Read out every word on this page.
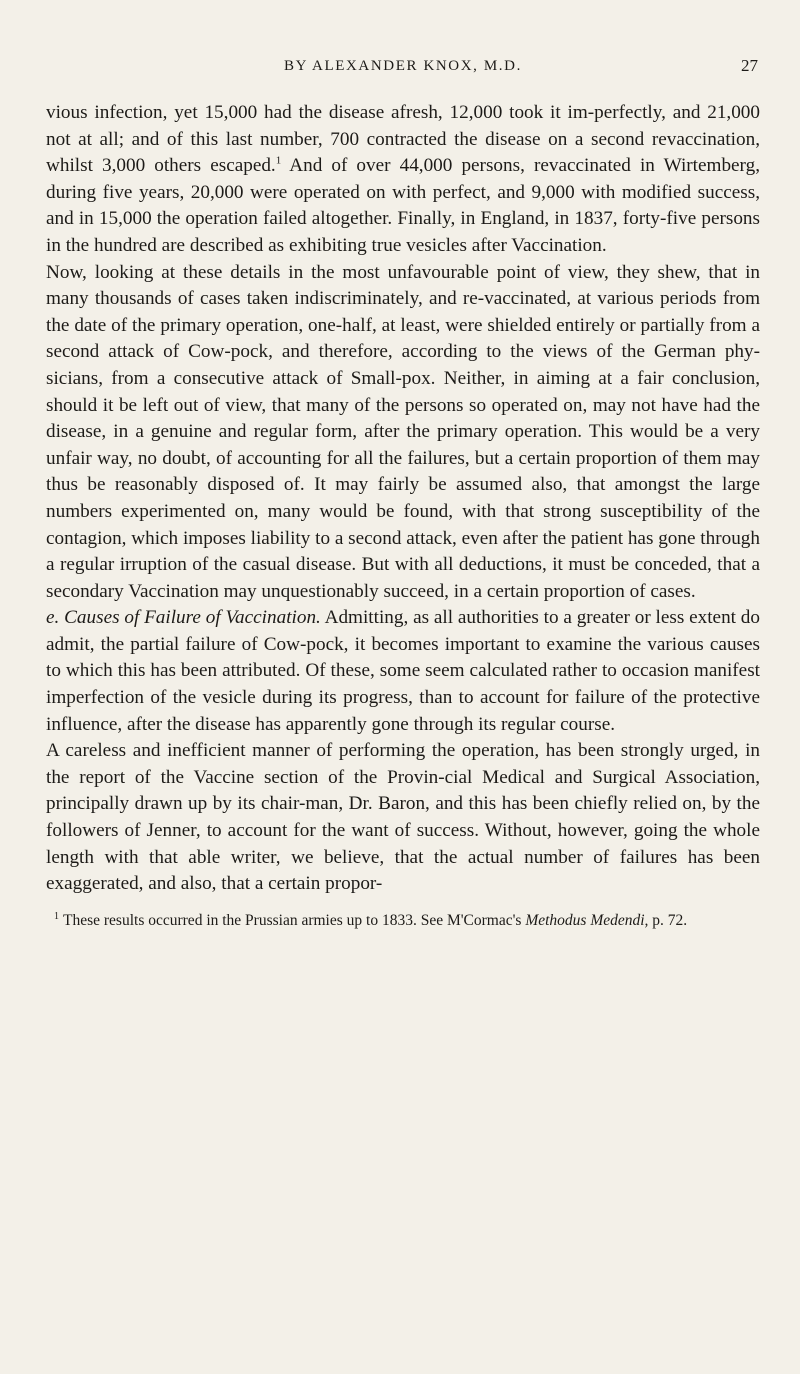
BY ALEXANDER KNOX, M.D.	27

vious infection, yet 15,000 had the disease afresh, 12,000 took it im-perfectly, and 21,000 not at all; and of this last number, 700 contracted the disease on a second revaccination, whilst 3,000 others escaped.$^1$ And of over 44,000 persons, revaccinated in Wirtemberg, during five years, 20,000 were operated on with perfect, and 9,000 with modified success, and in 15,000 the operation failed altogether. Finally, in England, in 1837, forty-five persons in the hundred are described as exhibiting true vesicles after Vaccination.

Now, looking at these details in the most unfavourable point of view, they shew, that in many thousands of cases taken indiscriminately, and re-vaccinated, at various periods from the date of the primary operation, one-half, at least, were shielded entirely or partially from a second attack of Cow-pock, and therefore, according to the views of the German phy-sicians, from a consecutive attack of Small-pox. Neither, in aiming at a fair conclusion, should it be left out of view, that many of the persons so operated on, may not have had the disease, in a genuine and regular form, after the primary operation. This would be a very unfair way, no doubt, of accounting for all the failures, but a certain proportion of them may thus be reasonably disposed of. It may fairly be assumed also, that amongst the large numbers experimented on, many would be found, with that strong susceptibility of the contagion, which imposes liability to a second attack, even after the patient has gone through a regular irruption of the casual disease. But with all deductions, it must be conceded, that a secondary Vaccination may unquestionably succeed, in a certain proportion of cases.

e. Causes of Failure of Vaccination. Admitting, as all authorities to a greater or less extent do admit, the partial failure of Cow-pock, it becomes important to examine the various causes to which this has been attributed. Of these, some seem calculated rather to occasion manifest imperfection of the vesicle during its progress, than to account for failure of the protective influence, after the disease has apparently gone through its regular course.

A careless and inefficient manner of performing the operation, has been strongly urged, in the report of the Vaccine section of the Provin-cial Medical and Surgical Association, principally drawn up by its chair-man, Dr. Baron, and this has been chiefly relied on, by the followers of Jenner, to account for the want of success. Without, however, going the whole length with that able writer, we believe, that the actual number of failures has been exaggerated, and also, that a certain propor-

$^1$ These results occurred in the Prussian armies up to 1833. See M'Cormac's Methodus Medendi, p. 72.
